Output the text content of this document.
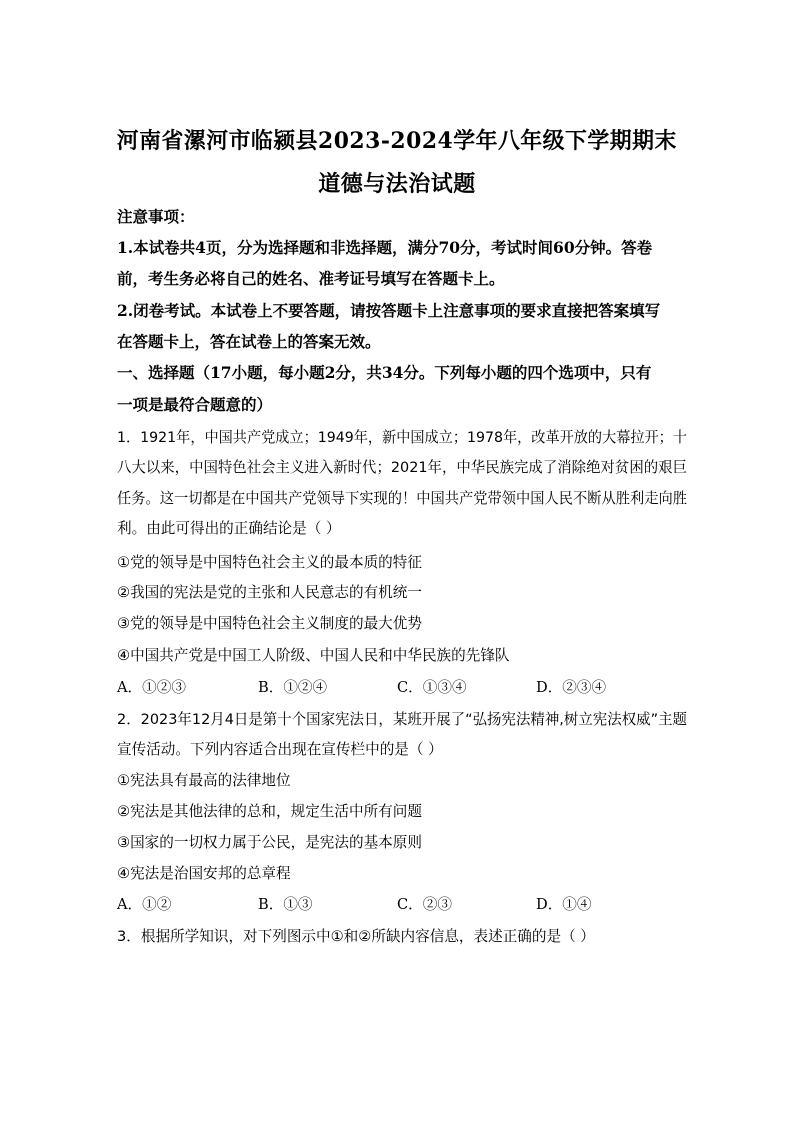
河南省漯河市临颍县2023-2024学年八年级下学期期末
道德与法治试题
注意事项：
1.本试卷共4页，分为选择题和非选择题，满分70分，考试时间60分钟。答卷
前，考生务必将自己的姓名、准考证号填写在答题卡上。
2.闭卷考试。本试卷上不要答题，请按答题卡上注意事项的要求直接把答案填写
在答题卡上，答在试卷上的答案无效。
一、选择题（17小题，每小题2分，共34分。下列每小题的四个选项中，只有
一项是最符合题意的）
1．1921年，中国共产党成立；1949年，新中国成立；1978年，改革开放的大幕拉开；十
八大以来，中国特色社会主义进入新时代；2021年，中华民族完成了消除绝对贫困的艰巨
任务。这一切都是在中国共产党领导下实现的！中国共产党带领中国人民不断从胜利走向胜
利。由此可得出的正确结论是（ ）
①党的领导是中国特色社会主义的最本质的特征
②我国的宪法是党的主张和人民意志的有机统一
③党的领导是中国特色社会主义制度的最大优势
④中国共产党是中国工人阶级、中国人民和中华民族的先锋队
A．①②③	B．①②④	C．①③④	D．②③④
2．2023年12月4日是第十个国家宪法日，某班开展了“弘扬宪法精神,树立宪法权威”主题
宣传活动。下列内容适合出现在宣传栏中的是（ ）
①宪法具有最高的法律地位
②宪法是其他法律的总和，规定生活中所有问题
③国家的一切权力属于公民，是宪法的基本原则
④宪法是治国安邦的总章程
A．①②	B．①③	C．②③	D．①④
3．根据所学知识，对下列图示中①和②所缺内容信息，表述正确的是（ ）
